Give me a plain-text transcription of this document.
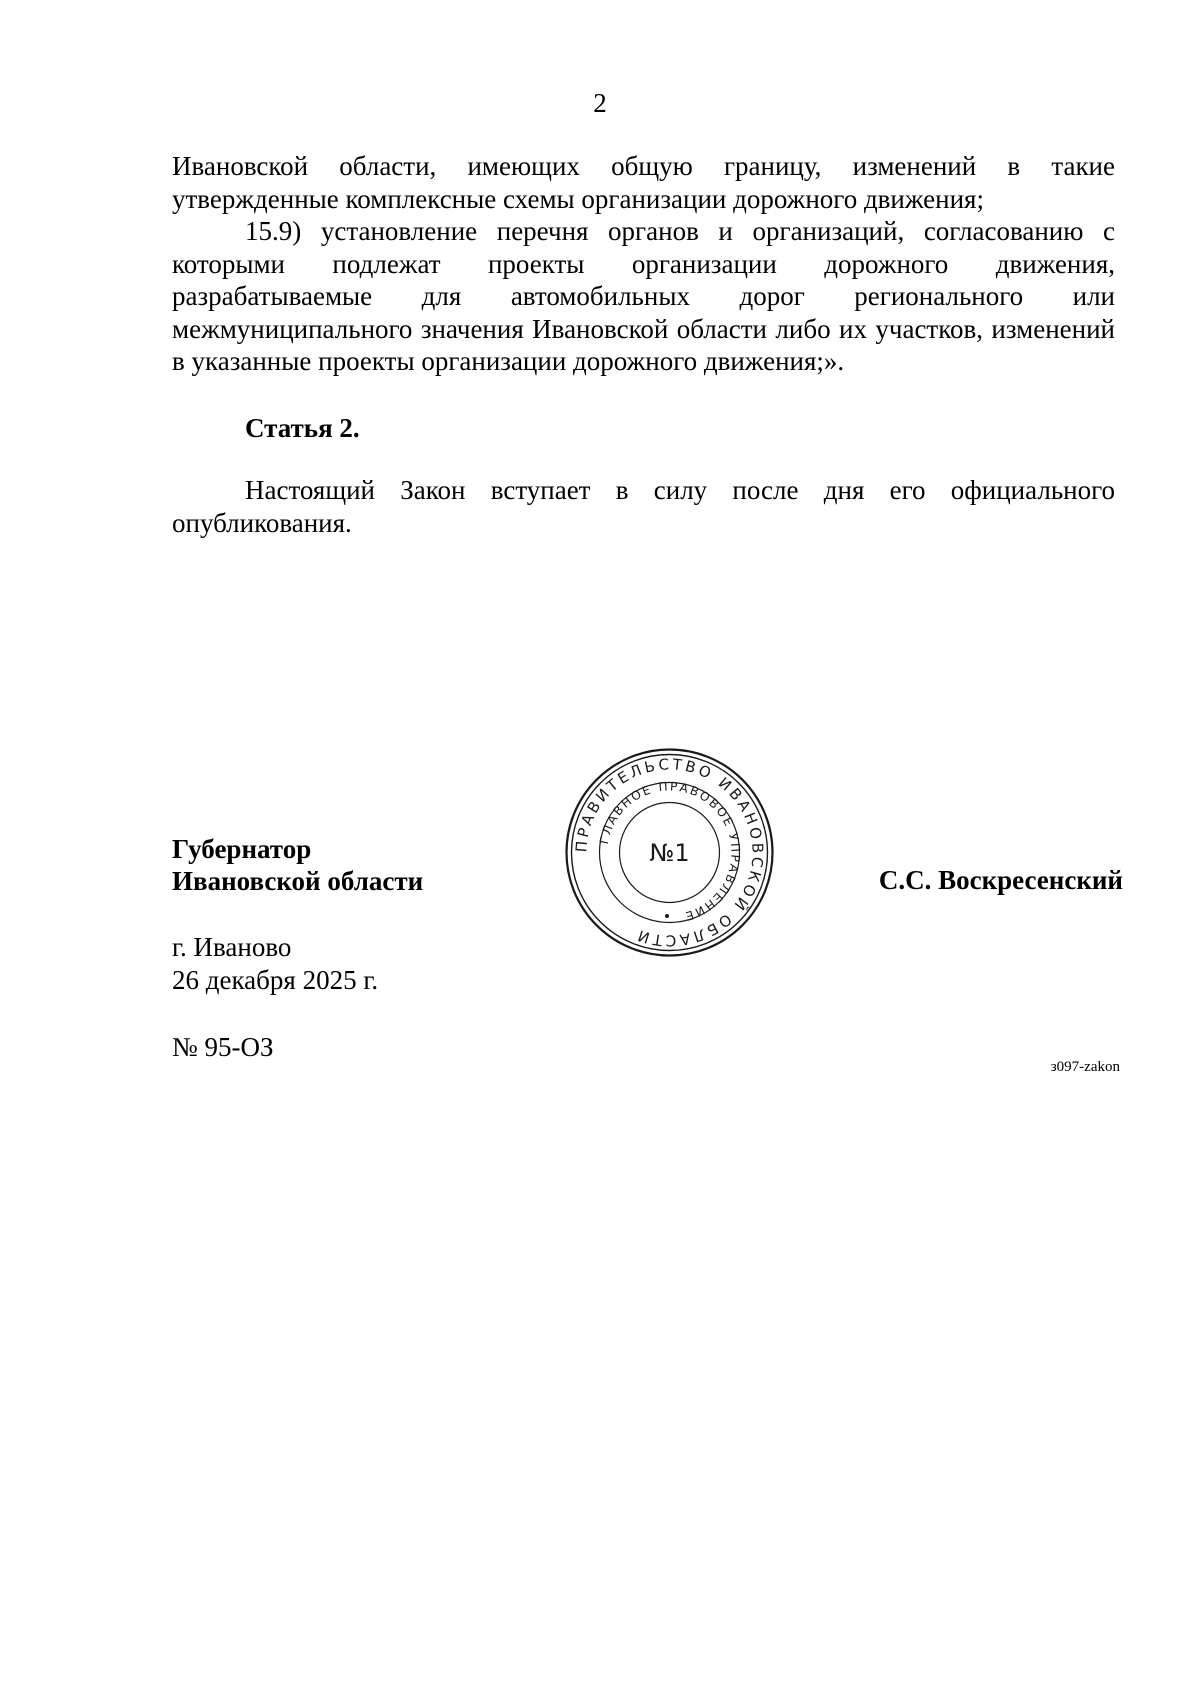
2

Ивановской области, имеющих общую границу, изменений в такие утвержденные комплексные схемы организации дорожного движения;

15.9) установление перечня органов и организаций, согласованию с которыми подлежат проекты организации дорожного движения, разрабатываемые для автомобильных дорог регионального или межмуниципального значения Ивановской области либо их участков, изменений в указанные проекты организации дорожного движения;».

Статья 2.

Настоящий Закон вступает в силу после дня его официального опубликования.

Губернатор
Ивановской области	С.С. Воскресенский
ПРАВИТЕЛЬСТВО ИВАНОВСКОЙ ОБЛАСТИ
ГЛАВНОЕ ПРАВОВОЕ УПРАВЛЕНИЕ
№1
г. Иваново
26 декабря 2025 г.
№ 95-ОЗ
з097-zakon
